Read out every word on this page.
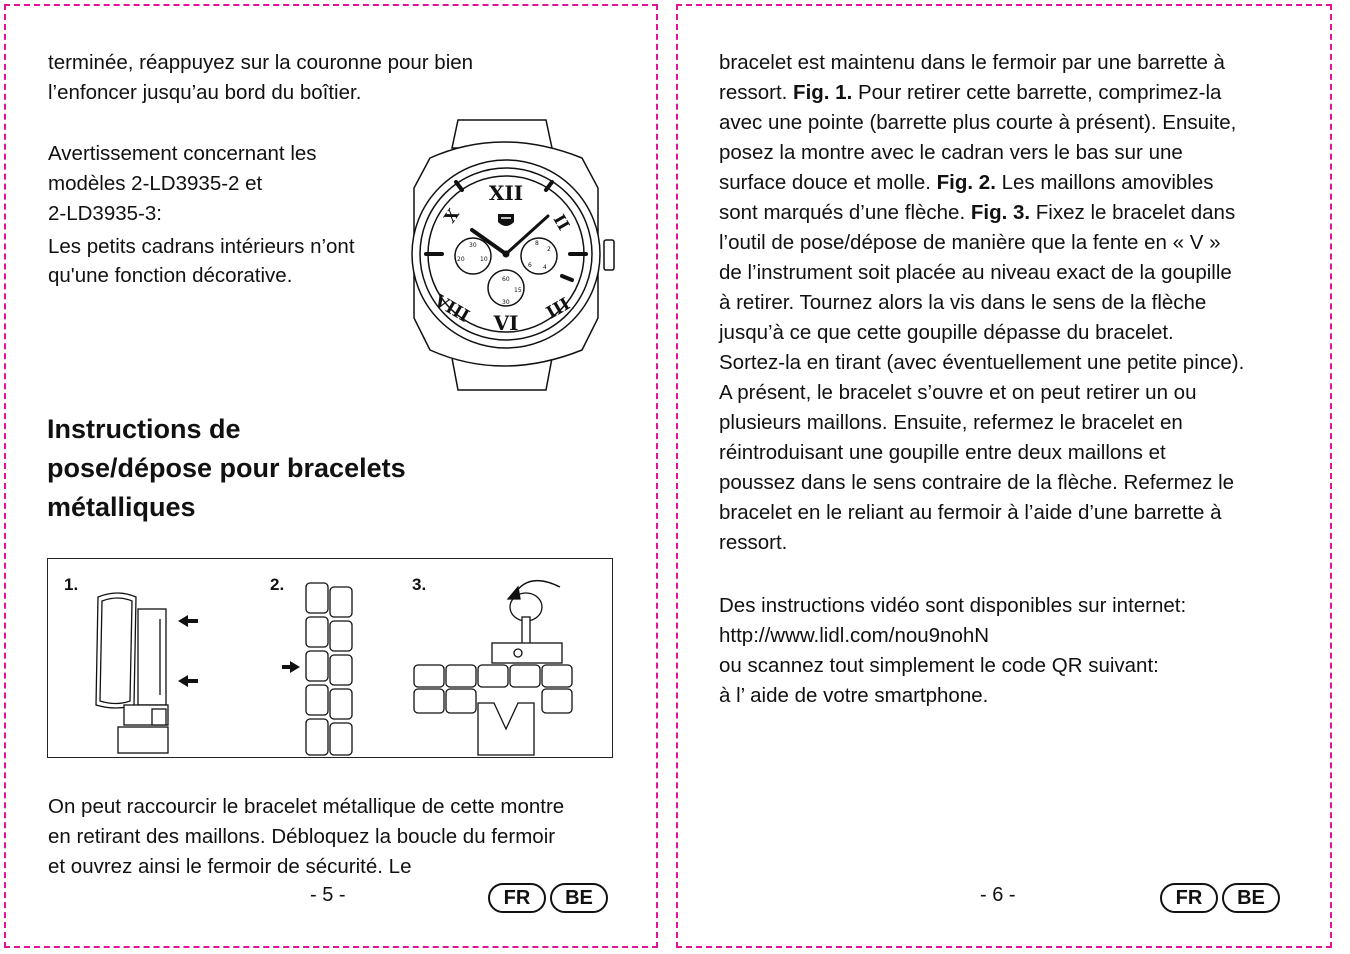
terminée, réappuyez sur la couronne pour bien
l’enfoncer jusqu’au bord du boîtier.
Avertissement concernant les
modèles 2-LD3935-2 et
2-LD3935-3:
Les petits cadrans intérieurs n’ont
qu'une fonction décorative.
XII
VI
VIII	III
X	II
30
20	10
8
2
4
6
60
15
30
Instructions de
pose/dépose pour bracelets
métalliques
1.	2.	3.
On peut raccourcir le bracelet métallique de cette montre
en retirant des maillons. Débloquez la boucle du fermoir
et ouvrez ainsi le fermoir de sécurité. Le
- 5 -	FR	BE
bracelet est maintenu dans le fermoir par une barrette à
ressort. Fig. 1. Pour retirer cette barrette, comprimez-la
avec une pointe (barrette plus courte à présent). Ensuite,
posez la montre avec le cadran vers le bas sur une
surface douce et molle. Fig. 2. Les maillons amovibles
sont marqués d’une flèche. Fig. 3. Fixez le bracelet dans
l’outil de pose/dépose de manière que la fente en « V »
de l’instrument soit placée au niveau exact de la goupille
à retirer. Tournez alors la vis dans le sens de la flèche
jusqu’à ce que cette goupille dépasse du bracelet.
Sortez-la en tirant (avec éventuellement une petite pince).
A présent, le bracelet s’ouvre et on peut retirer un ou
plusieurs maillons. Ensuite, refermez le bracelet en
réintroduisant une goupille entre deux maillons et
poussez dans le sens contraire de la flèche. Refermez le
bracelet en le reliant au fermoir à l’aide d’une barrette à
ressort.
Des instructions vidéo sont disponibles sur internet:
http://www.lidl.com/nou9nohN
ou scannez tout simplement le code QR suivant:
à l’ aide de votre smartphone.
- 6 -	FR	BE
